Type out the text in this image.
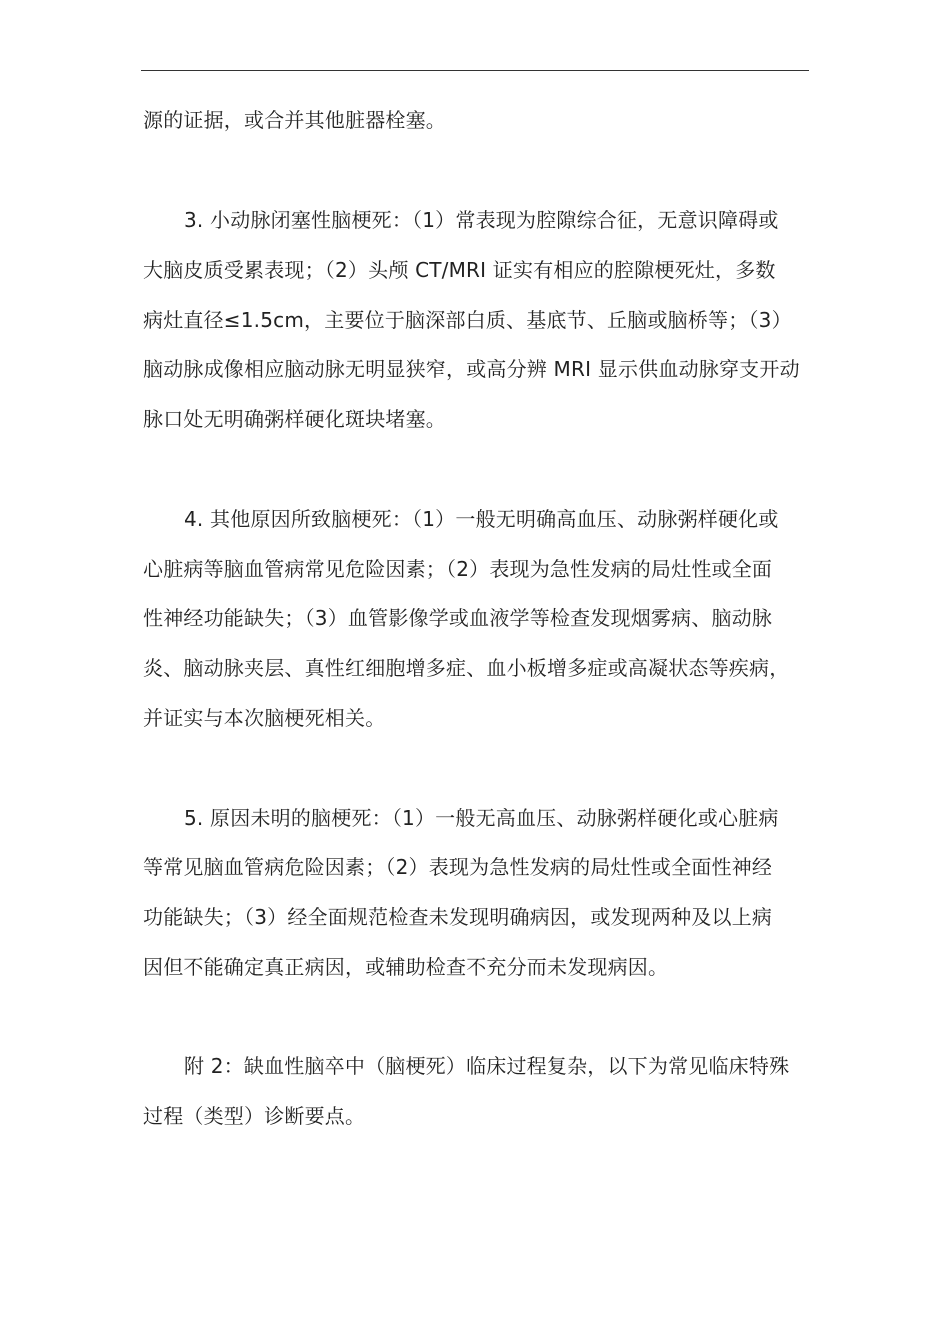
源的证据，或合并其他脏器栓塞。
3. 小动脉闭塞性脑梗死：（1）常表现为腔隙综合征，无意识障碍或
大脑皮质受累表现；（2）头颅 CT/MRI 证实有相应的腔隙梗死灶，多数
病灶直径≤1.5cm，主要位于脑深部白质、基底节、丘脑或脑桥等；（3）
脑动脉成像相应脑动脉无明显狭窄，或高分辨 MRI 显示供血动脉穿支开动
脉口处无明确粥样硬化斑块堵塞。
4. 其他原因所致脑梗死：（1）一般无明确高血压、动脉粥样硬化或
心脏病等脑血管病常见危险因素；（2）表现为急性发病的局灶性或全面
性神经功能缺失；（3）血管影像学或血液学等检查发现烟雾病、脑动脉
炎、脑动脉夹层、真性红细胞增多症、血小板增多症或高凝状态等疾病，
并证实与本次脑梗死相关。
5. 原因未明的脑梗死：（1）一般无高血压、动脉粥样硬化或心脏病
等常见脑血管病危险因素；（2）表现为急性发病的局灶性或全面性神经
功能缺失；（3）经全面规范检查未发现明确病因，或发现两种及以上病
因但不能确定真正病因，或辅助检查不充分而未发现病因。
附 2：缺血性脑卒中（脑梗死）临床过程复杂，以下为常见临床特殊
过程（类型）诊断要点。
